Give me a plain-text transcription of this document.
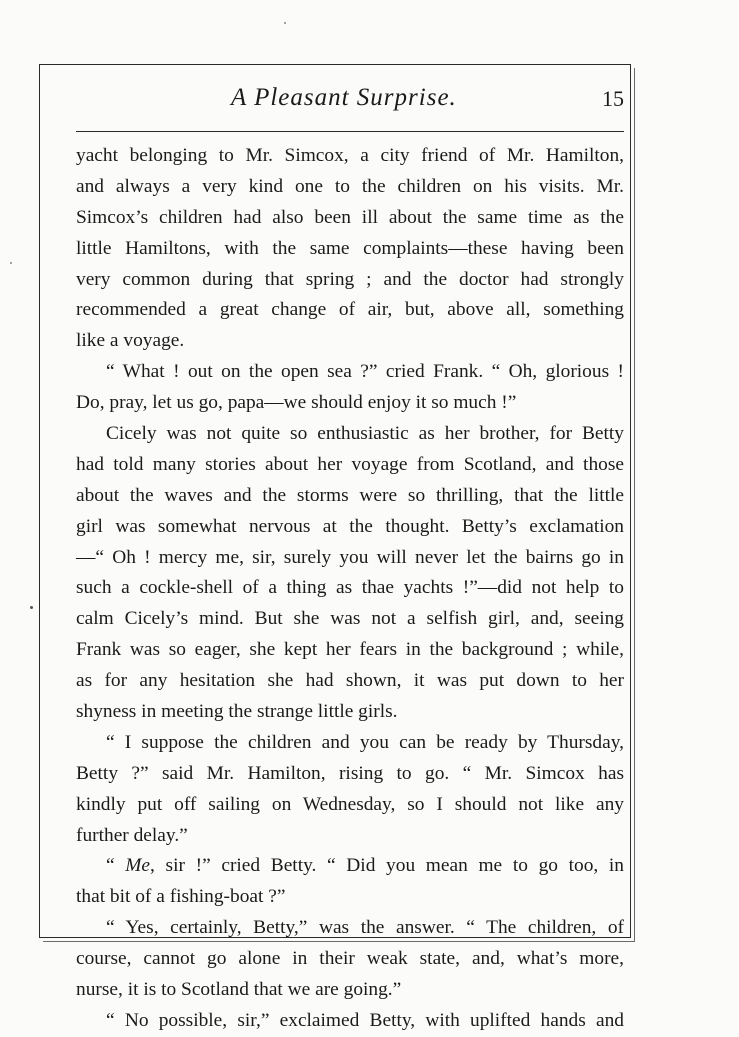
A Pleasant Surprise.	15
yacht belonging to Mr. Simcox, a city friend of Mr. Hamilton,
and always a very kind one to the children on his visits. Mr.
Simcox’s children had also been ill about the same time as the
little Hamiltons, with the same complaints—these having been
very common during that spring ; and the doctor had strongly
recommended a great change of air, but, above all, something
like a voyage.
“ What ! out on the open sea ?” cried Frank. “ Oh, glorious !
Do, pray, let us go, papa—we should enjoy it so much !”
Cicely was not quite so enthusiastic as her brother, for Betty
had told many stories about her voyage from Scotland, and those
about the waves and the storms were so thrilling, that the little
girl was somewhat nervous at the thought. Betty’s exclamation
—“ Oh ! mercy me, sir, surely you will never let the bairns go in
such a cockle-shell of a thing as thae yachts !”—did not help to
calm Cicely’s mind. But she was not a selfish girl, and, seeing
Frank was so eager, she kept her fears in the background ; while,
as for any hesitation she had shown, it was put down to her
shyness in meeting the strange little girls.
“ I suppose the children and you can be ready by Thursday,
Betty ?” said Mr. Hamilton, rising to go. “ Mr. Simcox has
kindly put off sailing on Wednesday, so I should not like any
further delay.”
“ Me, sir !” cried Betty. “ Did you mean me to go too, in
that bit of a fishing-boat ?”
“ Yes, certainly, Betty,” was the answer. “ The children, of
course, cannot go alone in their weak state, and, what’s more,
nurse, it is to Scotland that we are going.”
“ No possible, sir,” exclaimed Betty, with uplifted hands and
